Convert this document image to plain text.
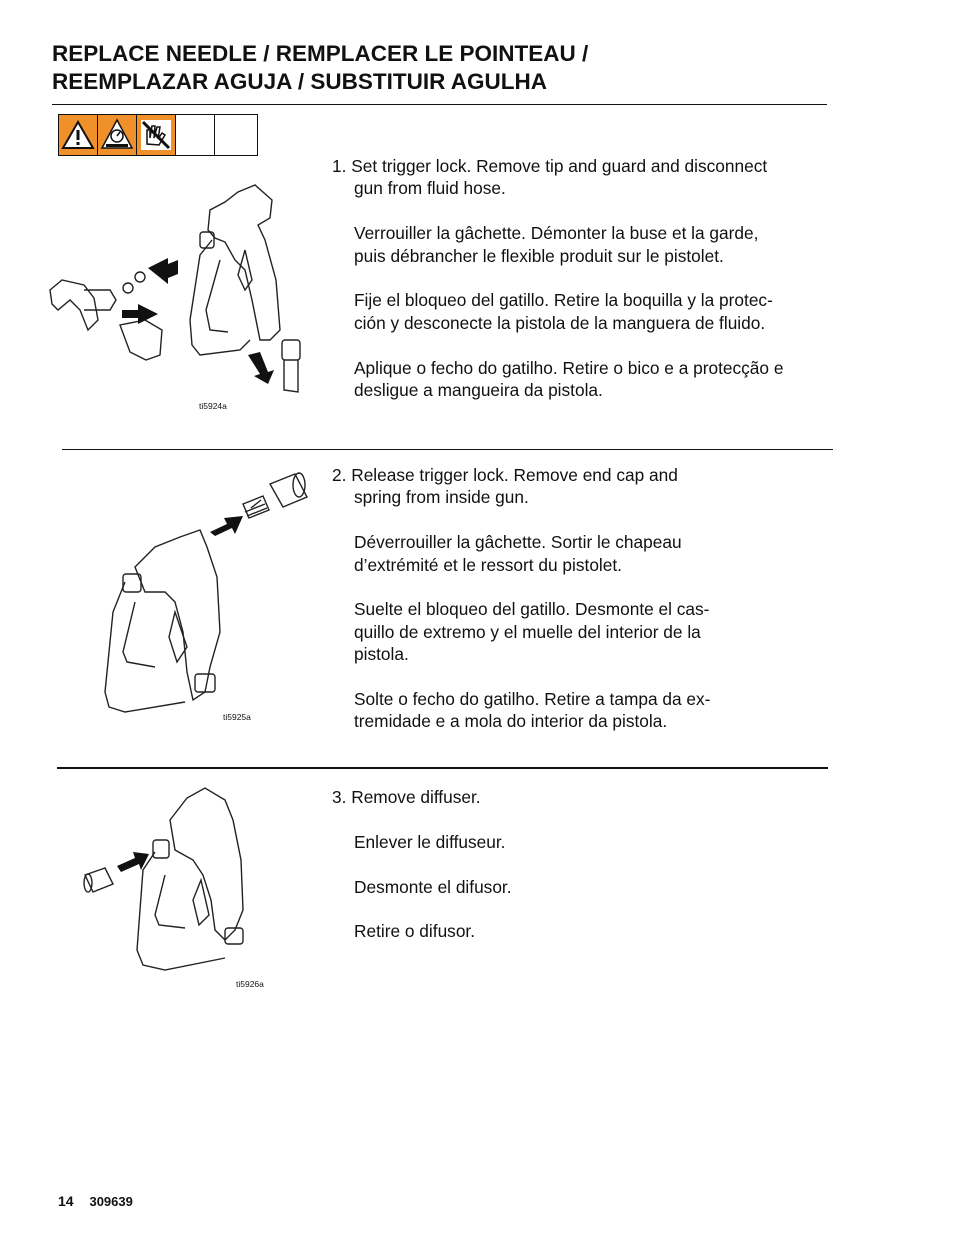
REPLACE NEEDLE / REMPLACER LE POINTEAU /
REEMPLAZAR AGUJA / SUBSTITUIR AGULHA

1. Set trigger lock. Remove tip and guard and disconnect

gun from fluid hose.

Verrouiller la gâchette. Démonter la buse et la garde,

puis débrancher le flexible produit sur le pistolet.

Fije el bloqueo del gatillo. Retire la boquilla y la protec-

ción y desconecte la pistola de la manguera de fluido.

Aplique o fecho do gatilho. Retire o bico e a protecção e

desligue a mangueira da pistola.

ti5924a

2. Release trigger lock. Remove end cap and

spring from inside gun.

Déverrouiller la gâchette. Sortir le chapeau

d’extrémité et le ressort du pistolet.

Suelte el bloqueo del gatillo. Desmonte el cas-

quillo de extremo y el muelle del interior de la

pistola.

Solte o fecho do gatilho. Retire a tampa da ex-

tremidade e a mola do interior da pistola.

ti5925a

3. Remove diffuser.

Enlever le diffuseur.

Desmonte el difusor.

Retire o difusor.

ti5926a
14 309639
